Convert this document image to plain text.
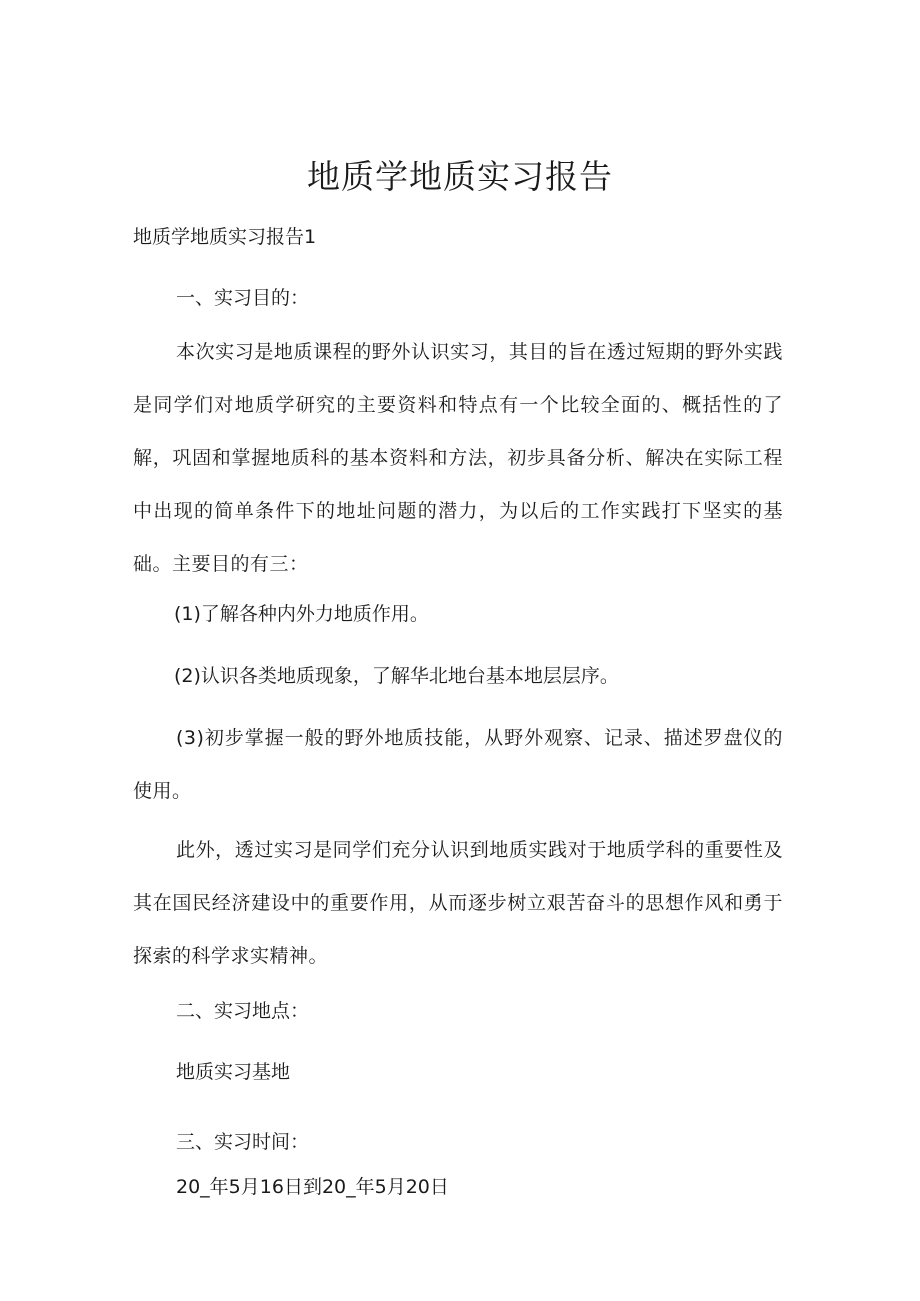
地质学地质实习报告
地质学地质实习报告1
一、实习目的：
本次实习是地质课程的野外认识实习，其目的旨在透过短期的野外实践是同学们对地质学研究的主要资料和特点有一个比较全面的、概括性的了解，巩固和掌握地质科的基本资料和方法，初步具备分析、解决在实际工程中出现的简单条件下的地址问题的潜力，为以后的工作实践打下坚实的基础。主要目的有三：
(1)了解各种内外力地质作用。
(2)认识各类地质现象，了解华北地台基本地层层序。
(3)初步掌握一般的野外地质技能，从野外观察、记录、描述罗盘仪的使用。
此外，透过实习是同学们充分认识到地质实践对于地质学科的重要性及其在国民经济建设中的重要作用，从而逐步树立艰苦奋斗的思想作风和勇于探索的科学求实精神。
二、实习地点：
地质实习基地
三、实习时间：
20_年5月16日到20_年5月20日
